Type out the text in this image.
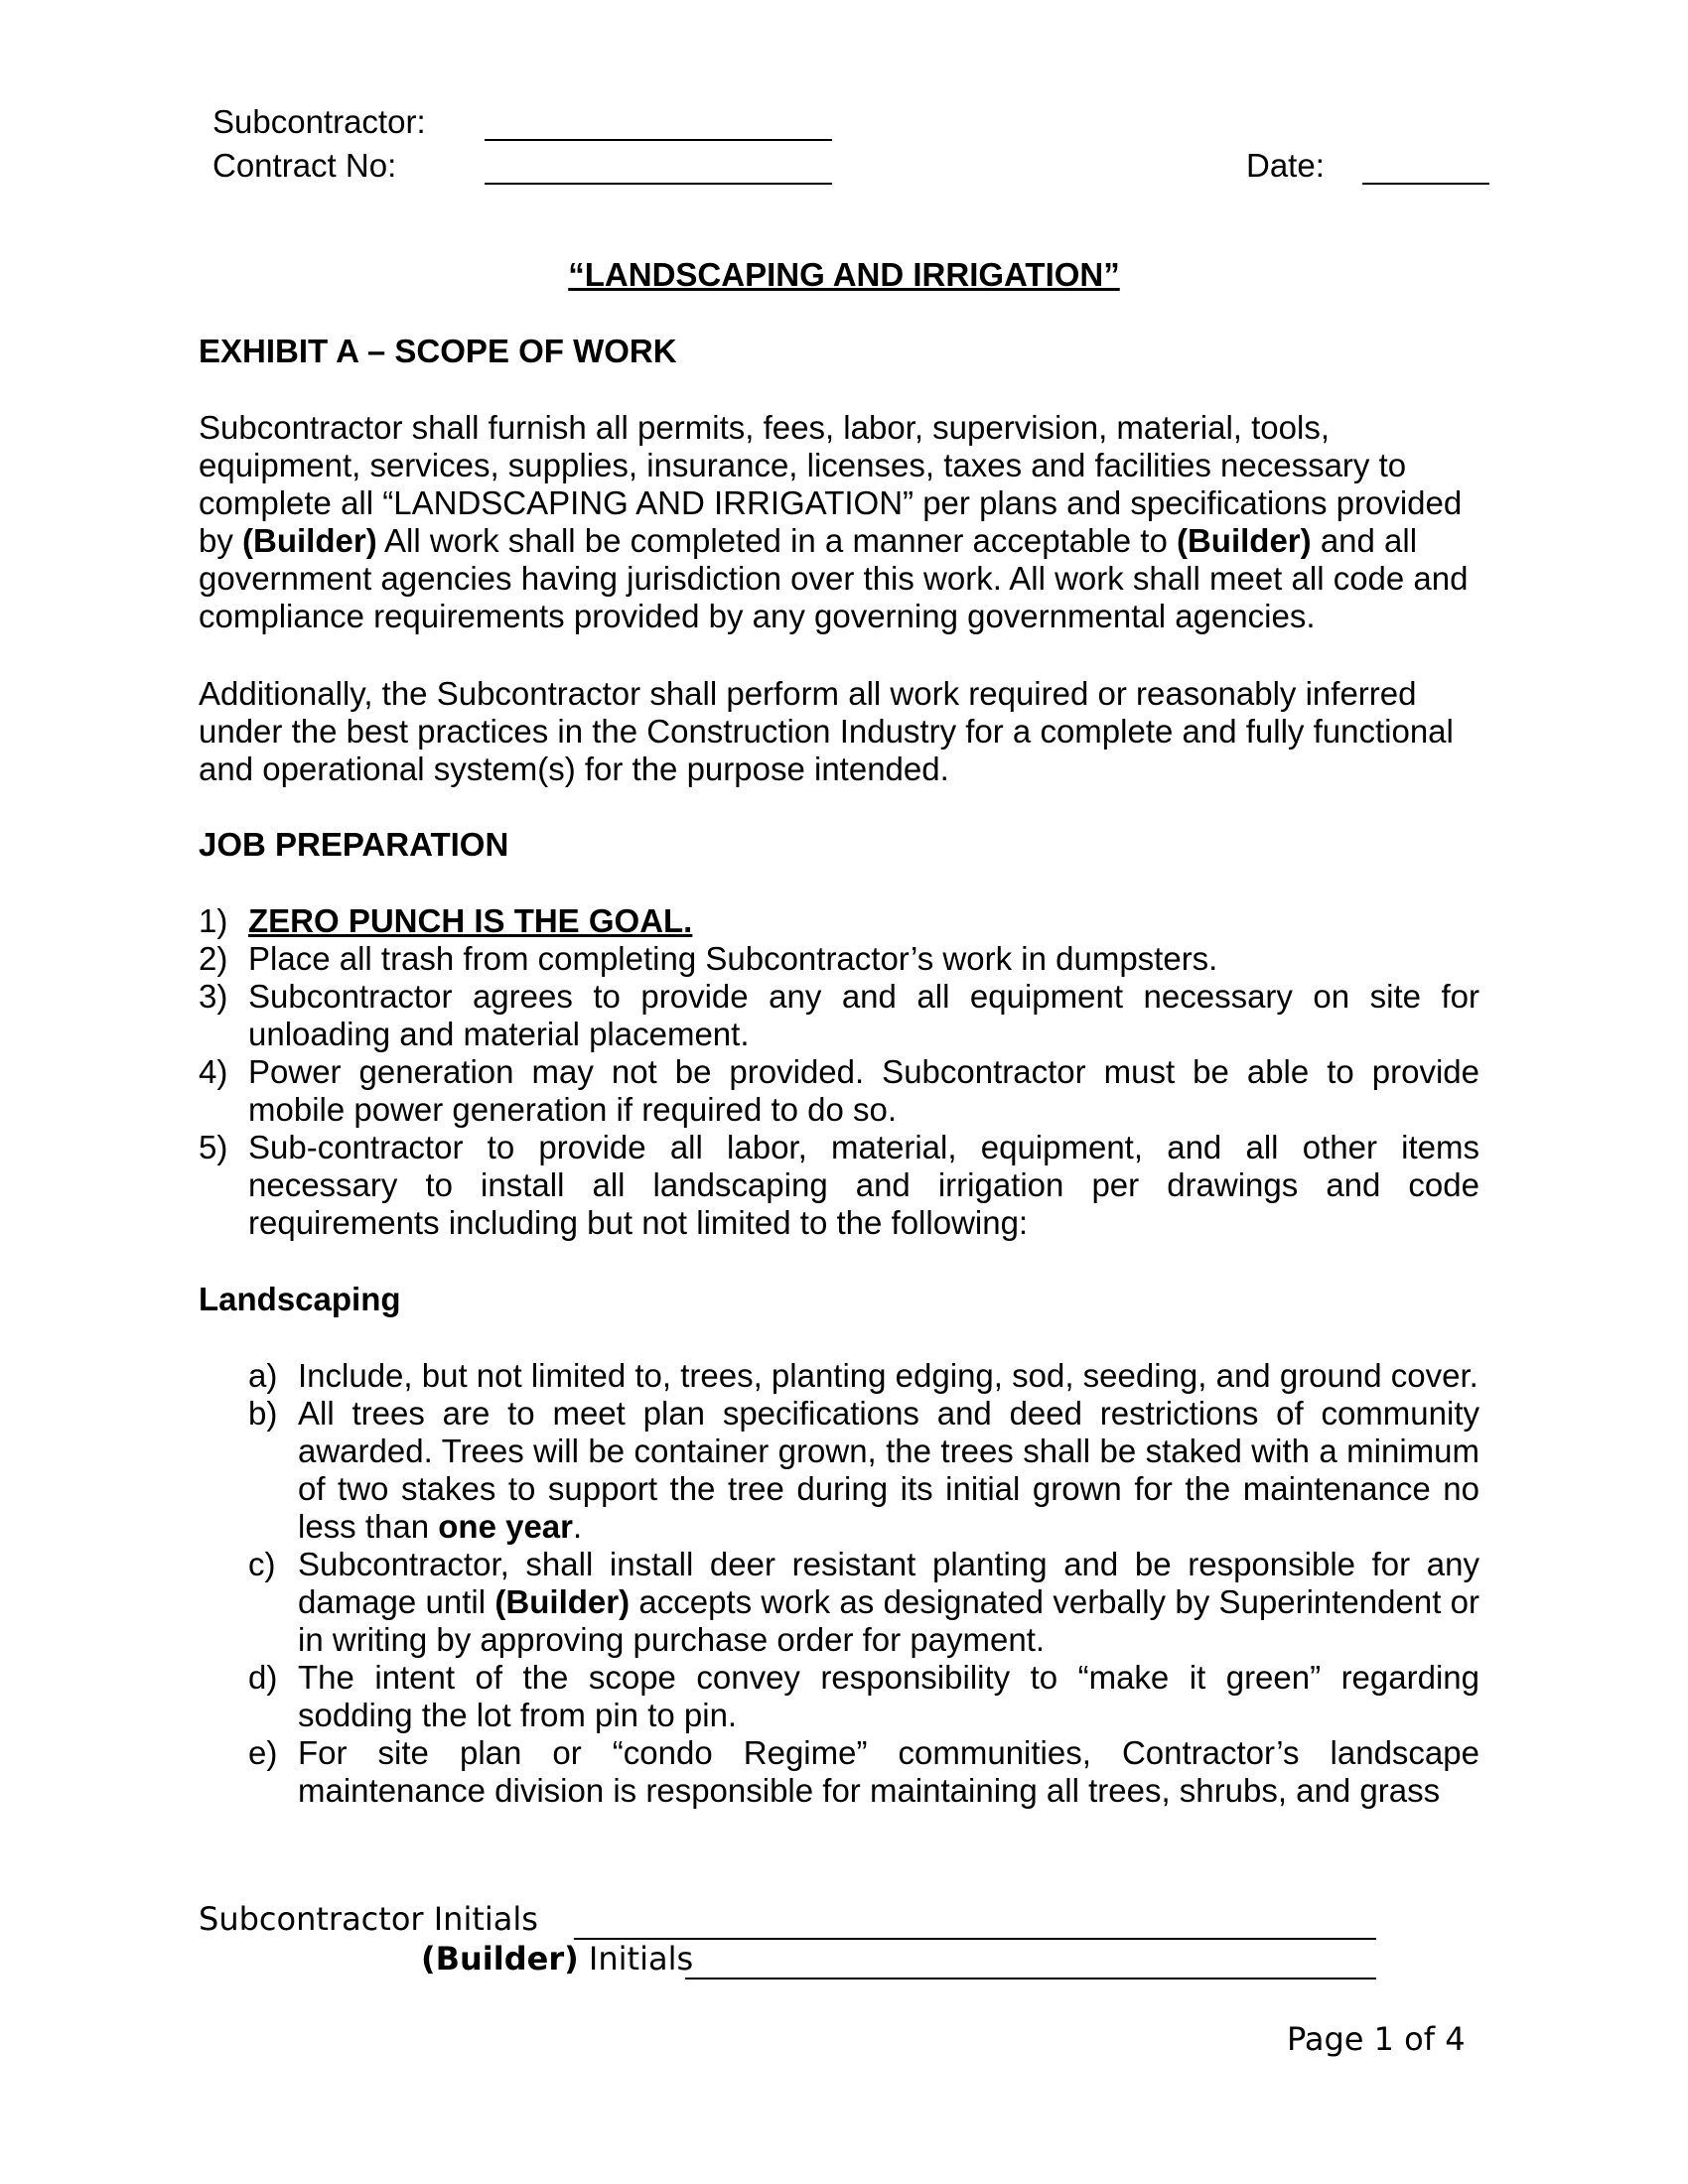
Subcontractor:
Contract No:	Date:
“LANDSCAPING AND IRRIGATION”
EXHIBIT A – SCOPE OF WORK
Subcontractor shall furnish all permits, fees, labor, supervision, material, tools, equipment, services, supplies, insurance, licenses, taxes and facilities necessary to complete all “LANDSCAPING AND IRRIGATION” per plans and specifications provided by (Builder) All work shall be completed in a manner acceptable to (Builder) and all government agencies having jurisdiction over this work. All work shall meet all code and compliance requirements provided by any governing governmental agencies.
Additionally, the Subcontractor shall perform all work required or reasonably inferred under the best practices in the Construction Industry for a complete and fully functional and operational system(s) for the purpose intended.
JOB PREPARATION
1) ZERO PUNCH IS THE GOAL.
2) Place all trash from completing Subcontractor’s work in dumpsters.
3) Subcontractor agrees to provide any and all equipment necessary on site for unloading and material placement.
4) Power generation may not be provided. Subcontractor must be able to provide mobile power generation if required to do so.
5) Sub-contractor to provide all labor, material, equipment, and all other items necessary to install all landscaping and irrigation per drawings and code requirements including but not limited to the following:
Landscaping
a) Include, but not limited to, trees, planting edging, sod, seeding, and ground cover.
b) All trees are to meet plan specifications and deed restrictions of community awarded. Trees will be container grown, the trees shall be staked with a minimum of two stakes to support the tree during its initial grown for the maintenance no less than one year.
c) Subcontractor, shall install deer resistant planting and be responsible for any damage until (Builder) accepts work as designated verbally by Superintendent or in writing by approving purchase order for payment.
d) The intent of the scope convey responsibility to “make it green” regarding sodding the lot from pin to pin.
e) For site plan or “condo Regime” communities, Contractor’s landscape maintenance division is responsible for maintaining all trees, shrubs, and grass
Subcontractor Initials
(Builder) Initials
Page 1 of 4
